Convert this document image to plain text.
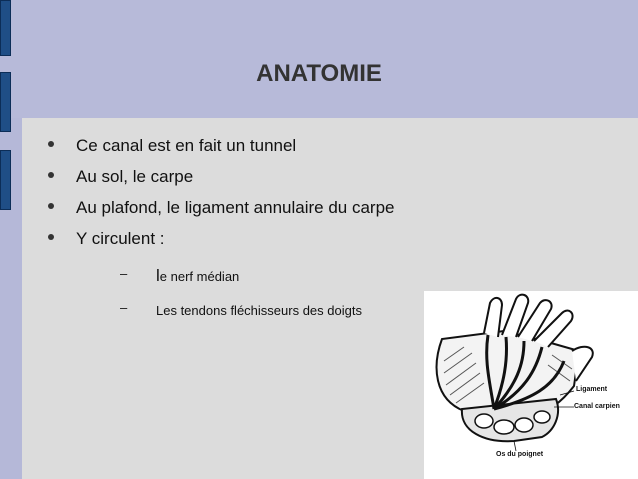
ANATOMIE
Ce canal est en fait un tunnel
Au sol, le carpe
Au plafond, le ligament annulaire du carpe
Y circulent :
– le nerf médian
– Les tendons fléchisseurs des doigts
Ligament
Canal carpien
Os du poignet
